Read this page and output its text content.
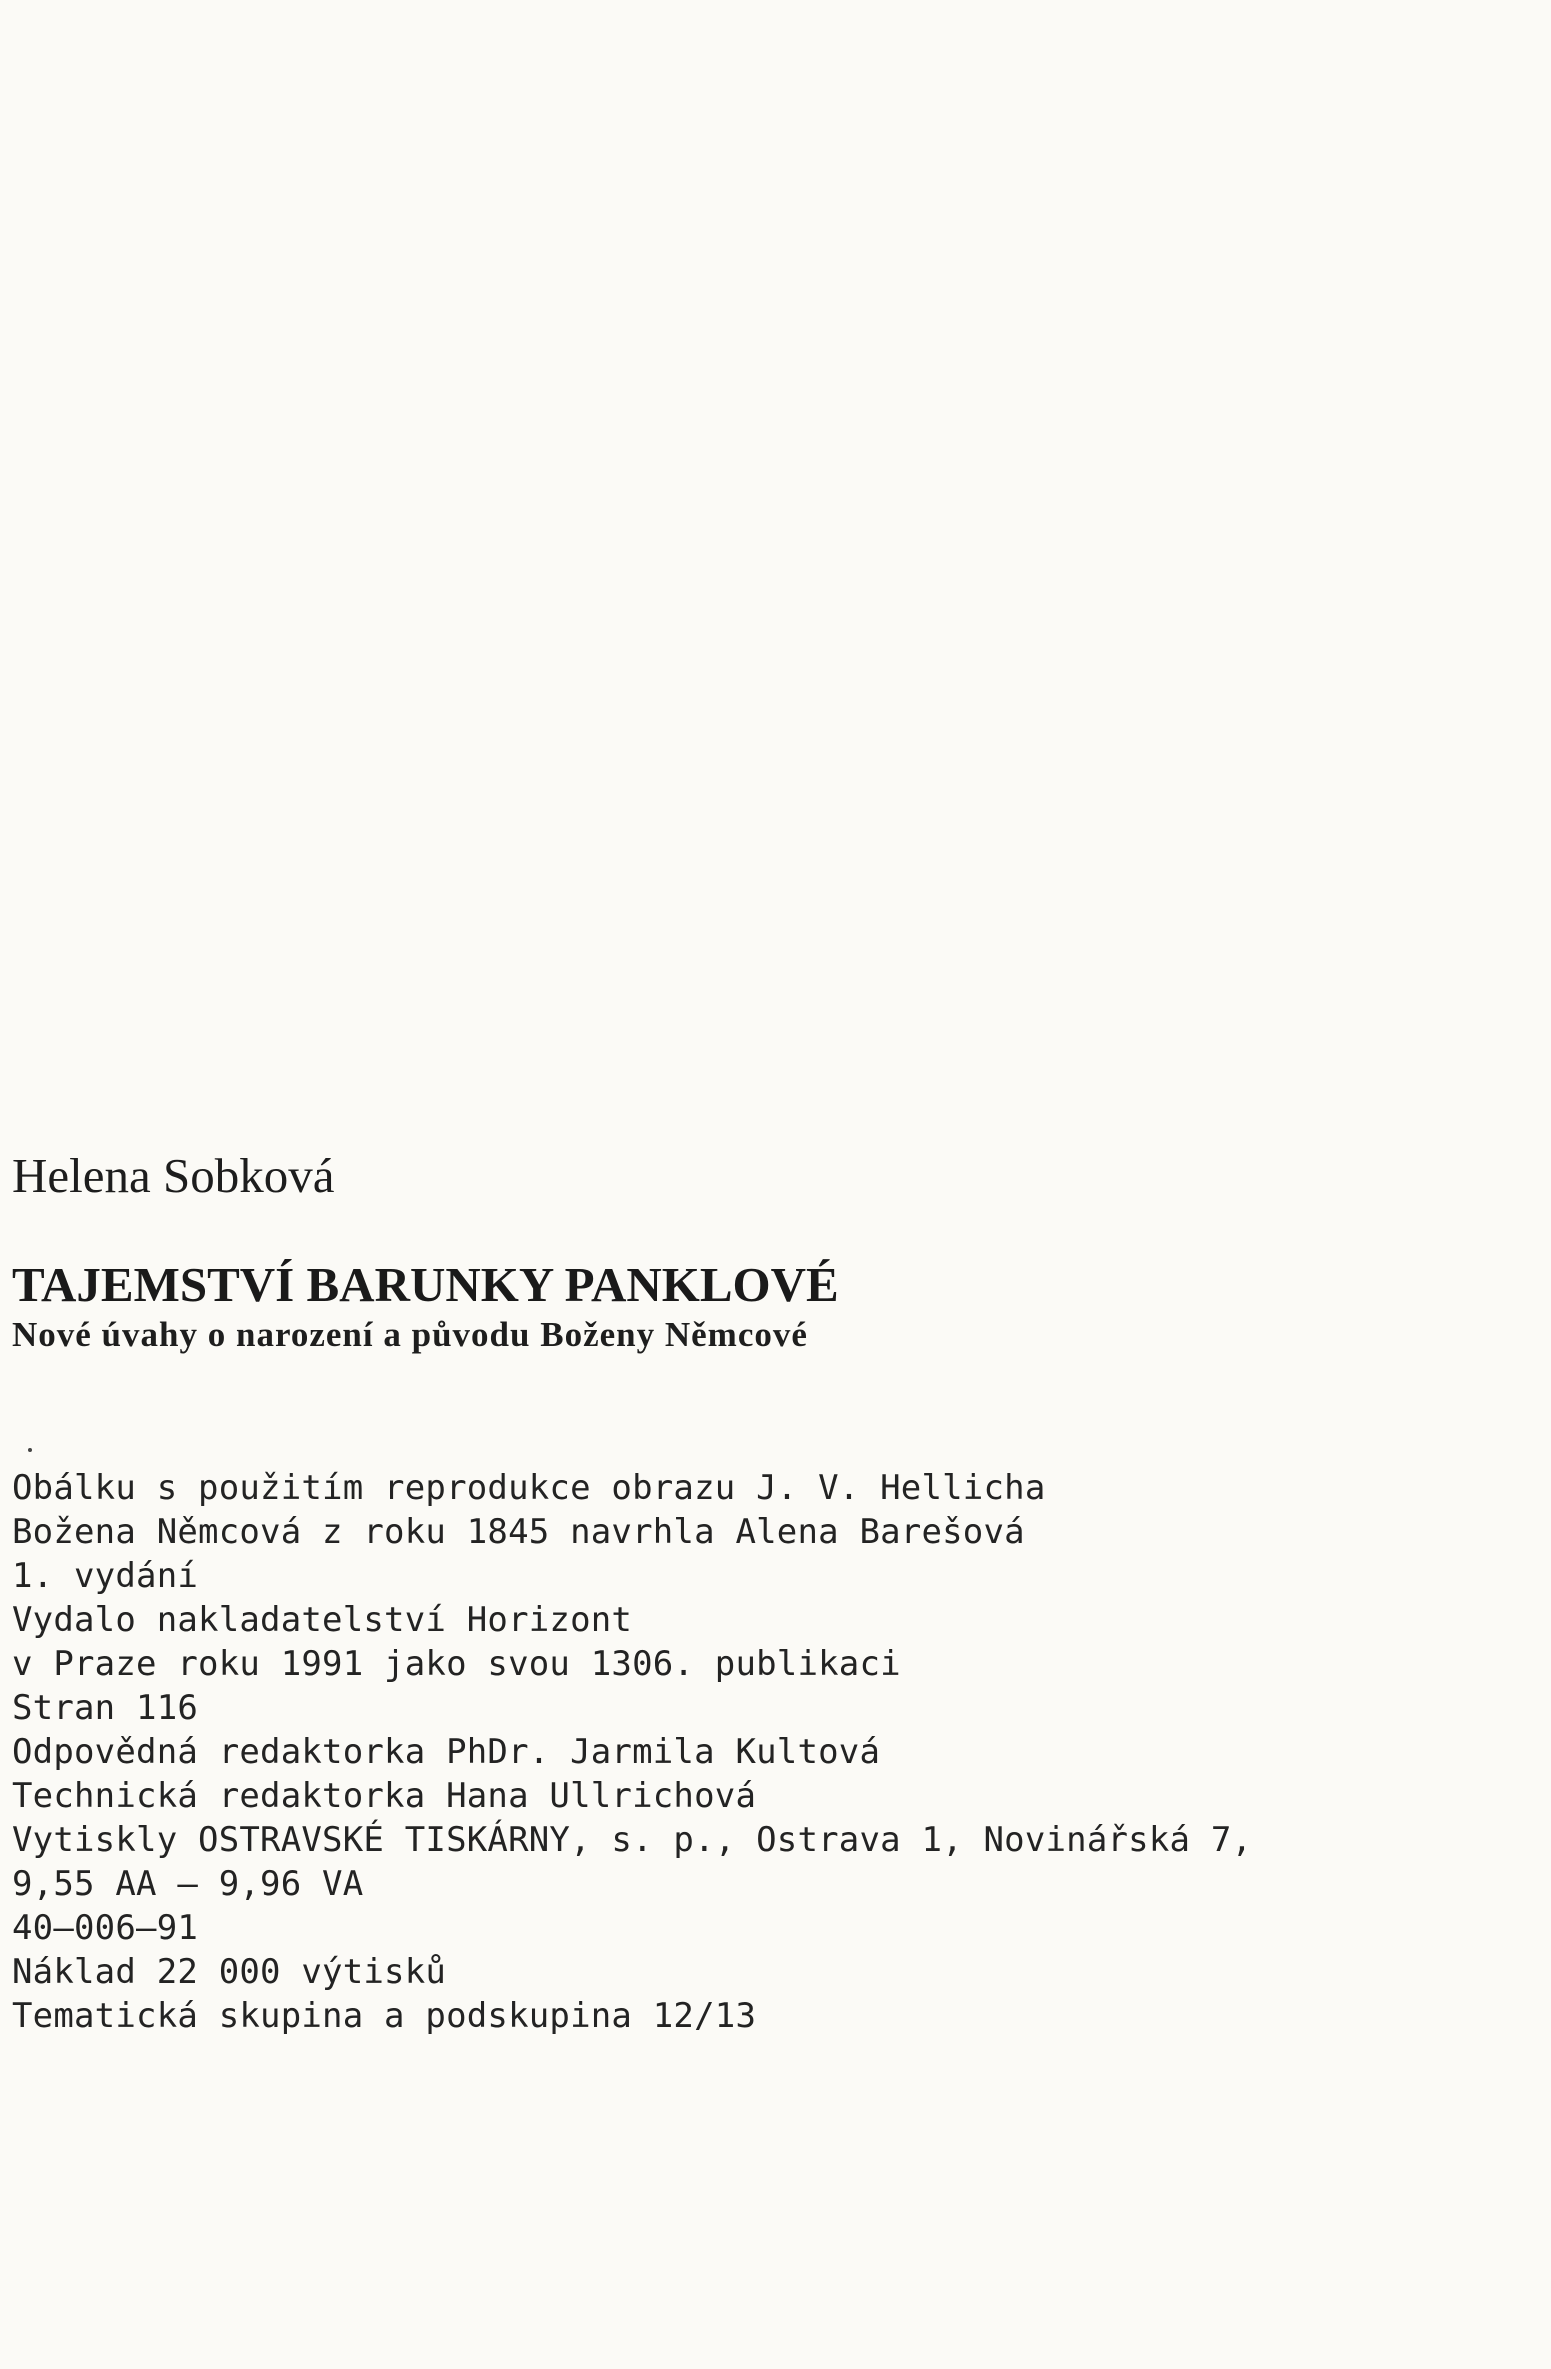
Helena Sobková
TAJEMSTVÍ BARUNKY PANKLOVÉ
Nové úvahy o narození a původu Boženy Němcové
Obálku s použitím reprodukce obrazu J. V. Hellicha
Božena Němcová z roku 1845 navrhla Alena Barešová
1. vydání
Vydalo nakladatelství Horizont
v Praze roku 1991 jako svou 1306. publikaci
Stran 116
Odpovědná redaktorka PhDr. Jarmila Kultová
Technická redaktorka Hana Ullrichová
Vytiskly OSTRAVSKÉ TISKÁRNY, s. p., Ostrava 1, Novinářská 7,
9,55 AA — 9,96 VA
40—006—91
Náklad 22 000 výtisků
Tematická skupina a podskupina 12/13
